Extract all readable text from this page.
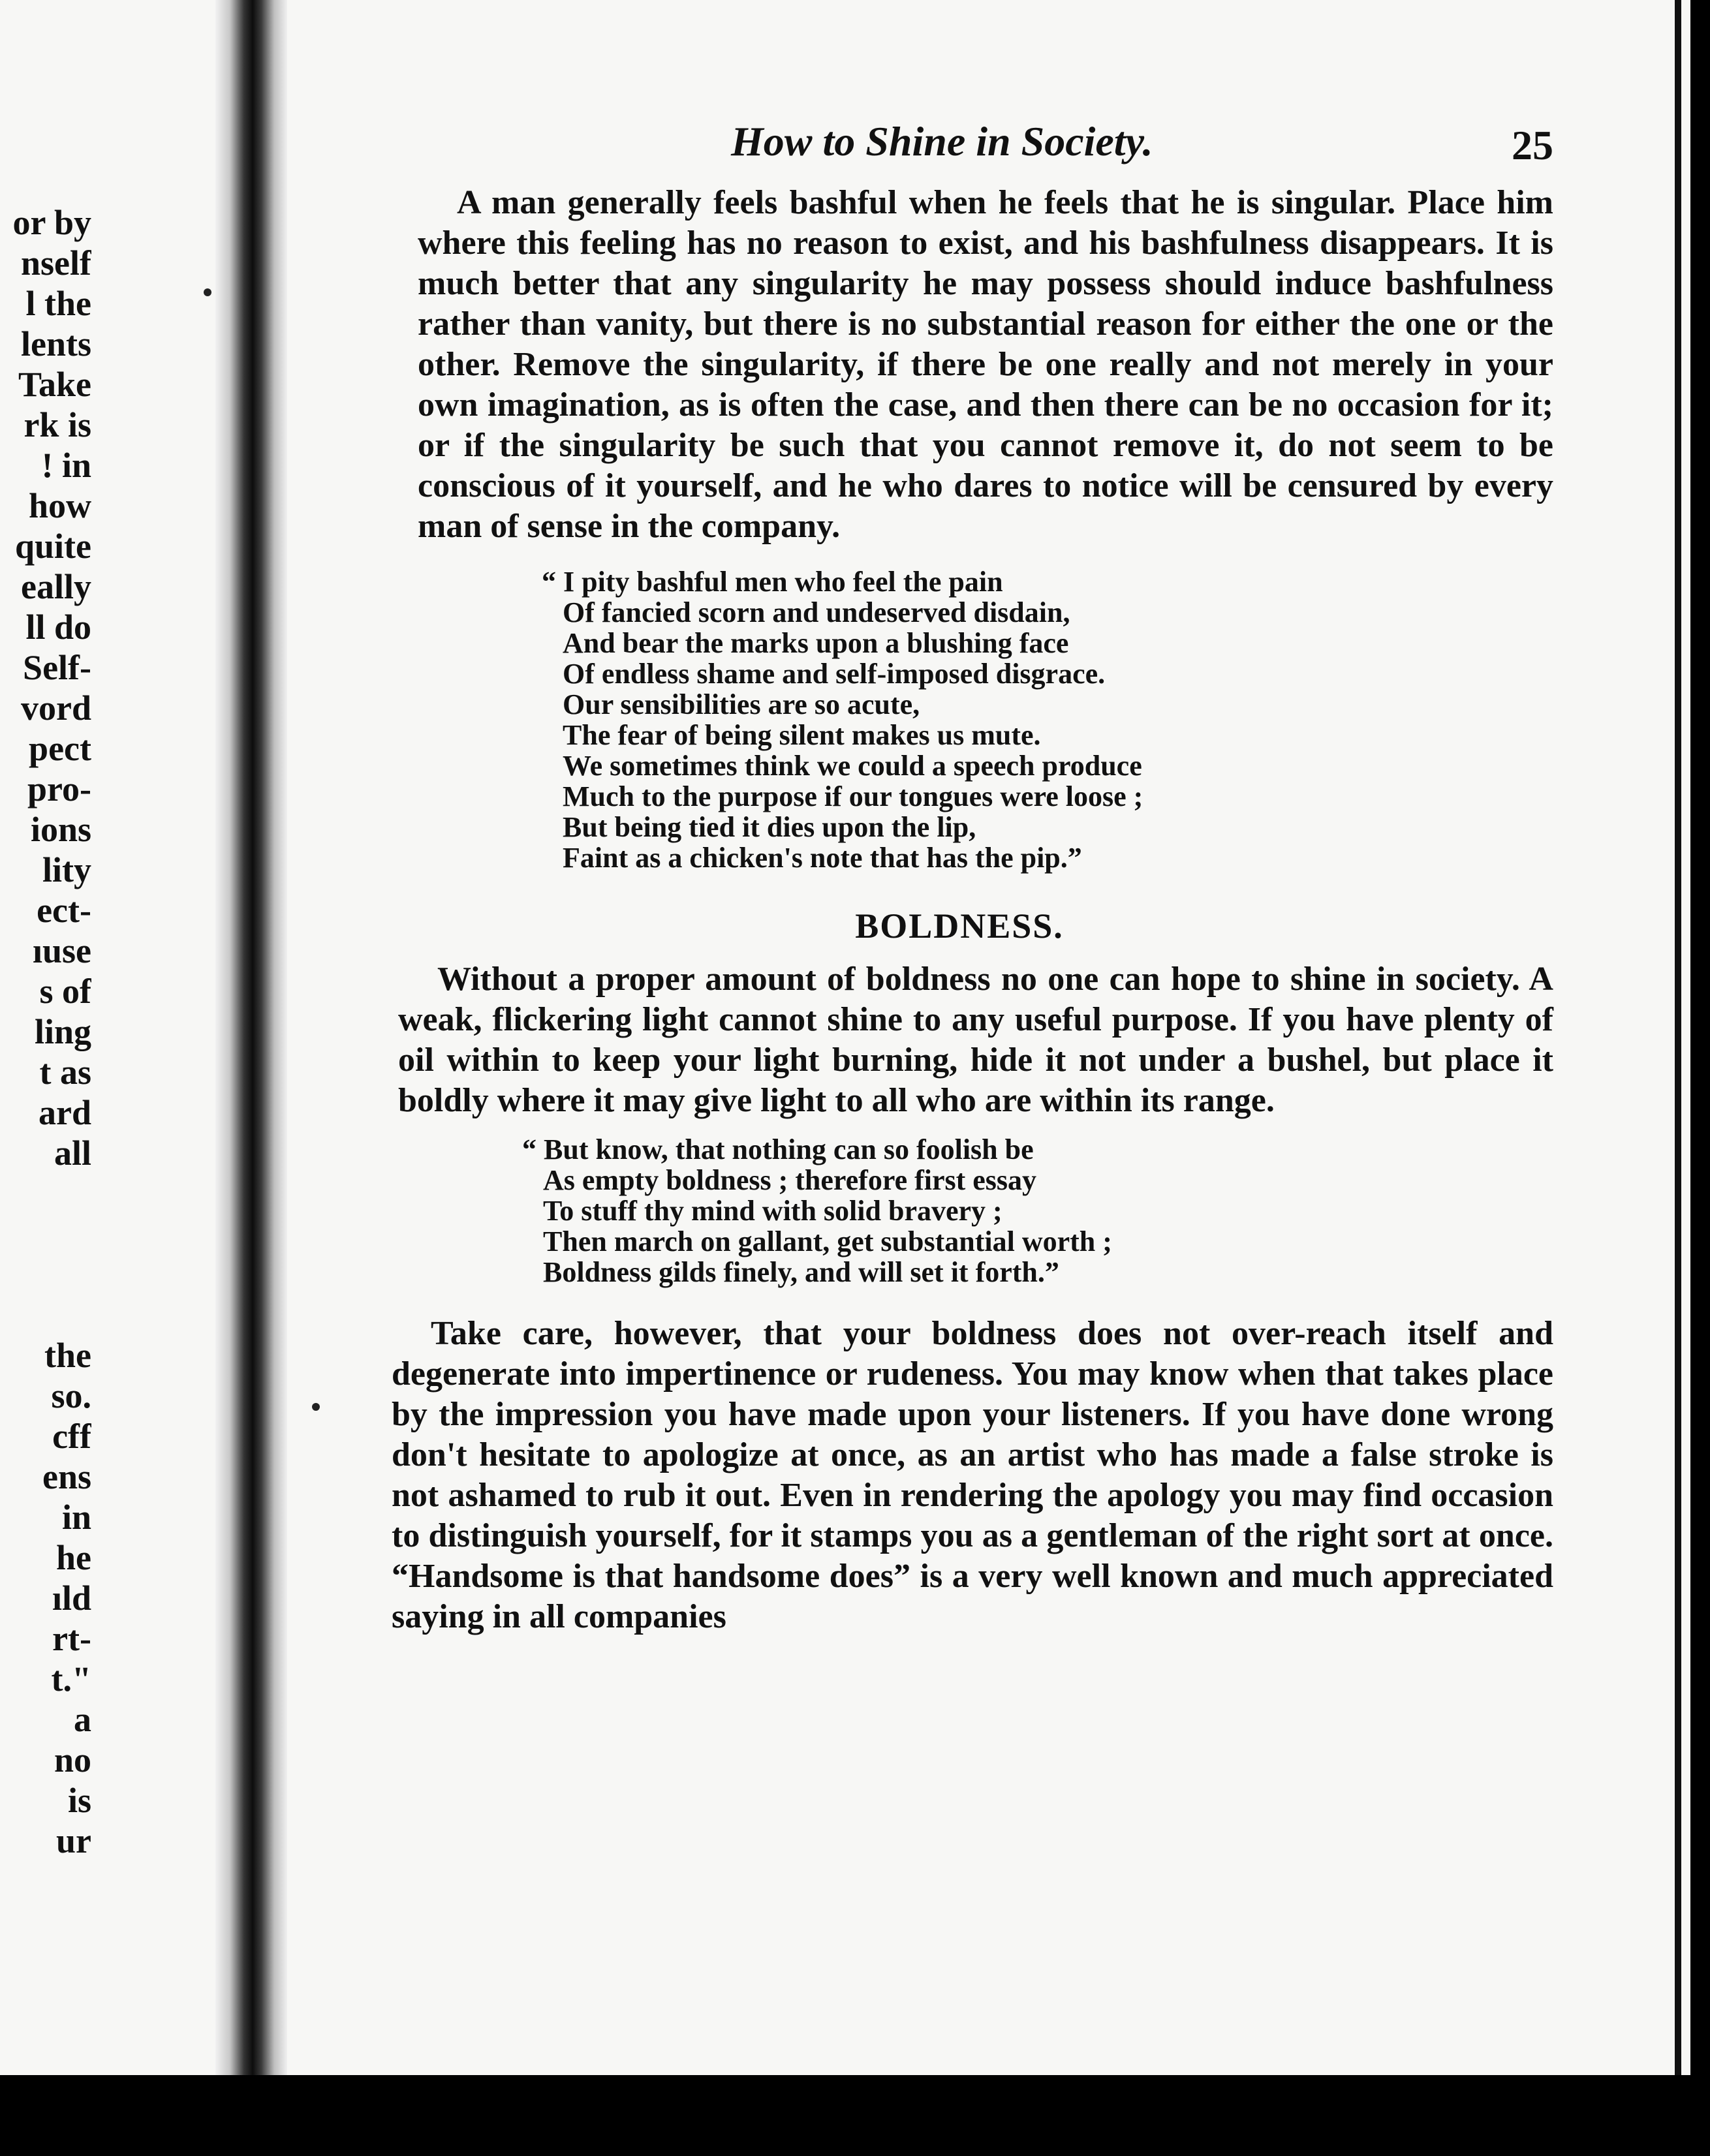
or by
nself
l the
lents
Take
rk is
! in
how
quite
eally
ll do
Self-
vord
pect
pro-
ions
lity
ect-
ıuse
s of
ling
t as
ard
all
the
so.
cff
ens
in
he
ıld
rt-
t."
a
no
is
ur
How to Shine in Society.	25

A man generally feels bashful when he feels that he is singular. Place him where this feeling has no reason to exist, and his bashfulness disappears. It is much better that any singularity he may possess should induce bashfulness rather than vanity, but there is no substantial reason for either the one or the other. Remove the singularity, if there be one really and not merely in your own imagination, as is often the case, and then there can be no occasion for it; or if the singularity be such that you cannot remove it, do not seem to be conscious of it yourself, and he who dares to notice will be censured by every man of sense in the company.

“ I pity bashful men who feel the pain
Of fancied scorn and undeserved disdain,
And bear the marks upon a blushing face
Of endless shame and self-imposed disgrace.
Our sensibilities are so acute,
The fear of being silent makes us mute.
We sometimes think we could a speech produce
Much to the purpose if our tongues were loose ;
But being tied it dies upon the lip,
Faint as a chicken's note that has the pip.”
BOLDNESS.

Without a proper amount of boldness no one can hope to shine in society. A weak, flickering light cannot shine to any useful purpose. If you have plenty of oil within to keep your light burning, hide it not under a bushel, but place it boldly where it may give light to all who are within its range.

“ But know, that nothing can so foolish be
As empty boldness ; therefore first essay
To stuff thy mind with solid bravery ;
Then march on gallant, get substantial worth ;
Boldness gilds finely, and will set it forth.”

Take care, however, that your boldness does not over-reach itself and degenerate into impertinence or rudeness. You may know when that takes place by the impression you have made upon your listeners. If you have done wrong don't hesitate to apologize at once, as an artist who has made a false stroke is not ashamed to rub it out. Even in rendering the apology you may find occasion to distinguish yourself, for it stamps you as a gentleman of the right sort at once. “Handsome is that handsome does” is a very well known and much appreciated saying in all companies
